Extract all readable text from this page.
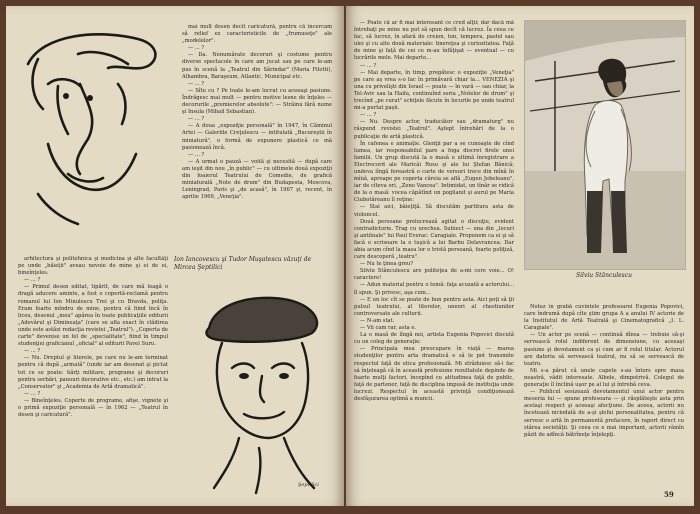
mai mult desen decît caricatură, pentru că încercam să relief ez caracteristicile de „frumuseţe" ale „modelelor".

— ... ?

— Da. Nenumărate decoruri şi costume pentru diverse spectacole în care am jucat sau pe care le-am pus în scenă la „Teatrul din Sărindar" (Maria Filotti), Alhambra, Baraşeum, Atlantic, Municipal etc.

— ... ?

— Sîtu cu ? Pe toate le-am lucrat cu aceeaşi pasiune. Îndrăgesc mai mult — pentru motive lesne de înţeles — decorurile „premierelor absolute": — Strâinu fără nume şi Insula (Mihail Sebastian).

— ... ?

— A doua „expoziţie personală" în 1947, în Căminul Artei — Galeriile Creţulescu — intitulată „Bucureştii în miniatură", o formă de expunere plastică ce mă pasionează încă.

— ... ?

— A urmat o pauză — voită şi necesită — după care am ieşit din nou „în public" — cu ultimele două expoziţii din foaierul Teatrului de Comedie, de grafică miniaturală „Note de drum" din Budapesta, Moscova, Leningrad, Paris şi „de acasă", în 1967 şi, recent, în aprilie 1969, „Veneţia".

Ion Iancovescu şi Tudor Muşatescu văzuţi de Mircea Şeptilici

arhitectura şi politehnica şi medicina şi alte facultăţi pe unde „băieţii" aveau nevoie de mine şi ei de ei, bineînţeles.

— ... ?

— Primul desen editat, tipărit, de care mă leagă o dragă aducere aminte, a fost o copertă-reclamă pentru romanul lui Ion Minulescu Trei şi cu Bravda, poliţa. Eram foarte mîndru de mine, pentru că fiind încă în liceu, desenul „meu" apărea în toate publicaţiile editurii „Adevărul şi Dimineaţa" (care se afla exact în clădirea unde este astăzi redacţia revistei „Teatrul"). „Coperta de carte" devenise un fel de „specialitate", fiind în timpul studenţiei graficianul „oficial" al editurii Pavel Suru.

— ... ?

— Nu. Dreptul şi literele, pe care nu le-am terminat pentru că după „armată" (unde iar am desenat şi pictat tot ce se poate: hărţi militare, programe şi decoruri pentru serbări, panouri decorative etc., etc.) am intrat la „Conservator" şi „Academia de Artă dramatică".

— ... ?

— Bineînţeles. Coperte de programe, afişe, vignete şi o primă expoziţie personală — în 1962 — „Teatrul în desen şi caricatură".

Şeptilici

— Poate că ar fi mai interesant ce cred alţii; dar dacă mă întrebaţi pe mine nu pot să spun decît că lucrez. Îa ceea ce fac, să lucrez, în afară de creion, ton, tempera, pastel sau ulei şi cu alte două materiale: tinereţea şi curiozitatea. Faţă de mine şi faţă de cei ce m-au înfăţişat — eventual — cu lucrările mele. Mai departe...

— ... ?

— Mai departe, în timp, pregătesc o expoziţie „Veneţia" pe care aş vrea s-o fac în primăvară chiar la... VENEZIA şi una cu privelişti din Israel — poate — în vară — sau chiar, la Tel-Aviv sau la Haifa, continuînd seria „Notelor de drum" şi trecînd „pe curat" schiţele făcute în locurile pe unde teatrul mi-a purtat paşii.

— ... ?

— Nu. Despre actor, traducător sau „dramaturg" nu răspund revistei „Teatrul". Aştept întrebări de la o publicaţie de artă plastică.

În cafenea e animaţie. Glenţii par a se cunoaşte de cînd lumea, iar responsabilul pare a foga discret firele unei familii. Un grup discută la o masă o ultimă înregistrare a Electrecord ale Maricăi Rosu şi ale lui Ştefan Bănică; undeva lîngă fereastră o carte de versuri trece din mînă în mînă, aproape pe coperta căreia se află „Eugen Jebeleanu", iar de cîteva ori, „Zeno Vancea". Intimidat, un tînăr se ridică de la o masă: vocea căpătînd un poglianit şi aurul pe Maria Ciubotăreanu îl reţine:

— Stai aici, băieţiţă. Să discutăm partitura asta de violoncel.

Două persoane prelucrează agitat o discuţie, evident contradictorie. Trag cu urechea. Subiect — una din „locuri şi antitoale" lui Paul Everac: Caragiale. Propunem ca ei şi să facă o scrisoare la o tuşică a lui Barbu Delavrancea. Dar abia acum cînd la masa lor o tristă persoană, foarte poliţiză, care descoperă „teatru".

— Nu te ţinea greu?

Silviu Stănculescu are politeţea de a-mi cere voie... O! caractere!

— Adun material pentru o temă: faţa acuzată a actorului... îl spun. Şi privesc, aşa cum...

— E un loc cît se poate de bun pentru asta. Aici poţi să ţii pulsul teatrului, al literelor, uneori al chestiunilor controversate ale culturii.

— N-am stat.

— Vii cam rar, asta e.

La o masă de lîngă noi, artista Eugenia Popovici discută cu un coleg de generaţie:

— Principala mea preocupare în viaţă — marea studenţilor pentru arta dramatică e să le pot transmite respectul faţă de etica profesională. Mi străduiesc să-i fac să înţeleagă că în această profesiune rezultatele depinde de foarte mulţi factori, începînd cu atitudinea faţă de public, faţă de partener, faţă de disciplina impusă de instituţia unde lucrezi. Respectul în această privinţă condiţionează desfăşurarea optimă a muncii.

Silviu Stănculescu

Notez în grabă cuvintele profesoarei Eugenia Popovici, care îndrumă după cîte ştim grupa A a anului IV actorie de la Institutul de Artă Teatrală şi Cinematografică „I. L. Caragiale".

— Un actor pe scenă — continuă dînsa — trebuie să-şi servească rolul indiferent de dimensiune, cu aceeaşi pasiune şi devotament ca şi cum ar fi rolul titular. Actorul are datoria să servească teatrul, nu să se servească de teatru.

Mi s-a părut că unele capete s-au întors spre masa noastră, vădit interesate. Albele, dimpotrivă. Colegul de generaţie îl înclină uşor pe al lui şi întrebă ceva.

— Publicul sesizează devotamentul unui actor pentru meseria lui — spune profesoara — şi răsplăteşte asta prin acelaşi respect şi aceeaşi afecţiune. De aceea, actorii nu încetează niciodată de a-şi şlefui personalitatea, pentru că servesc o artă în permanentă prefacere, în raport direct cu stărea societăţii. Şi ceea ce e mai important, actorii rămîn păzit de adîncă bătrîneţe înţelepţi.

59
